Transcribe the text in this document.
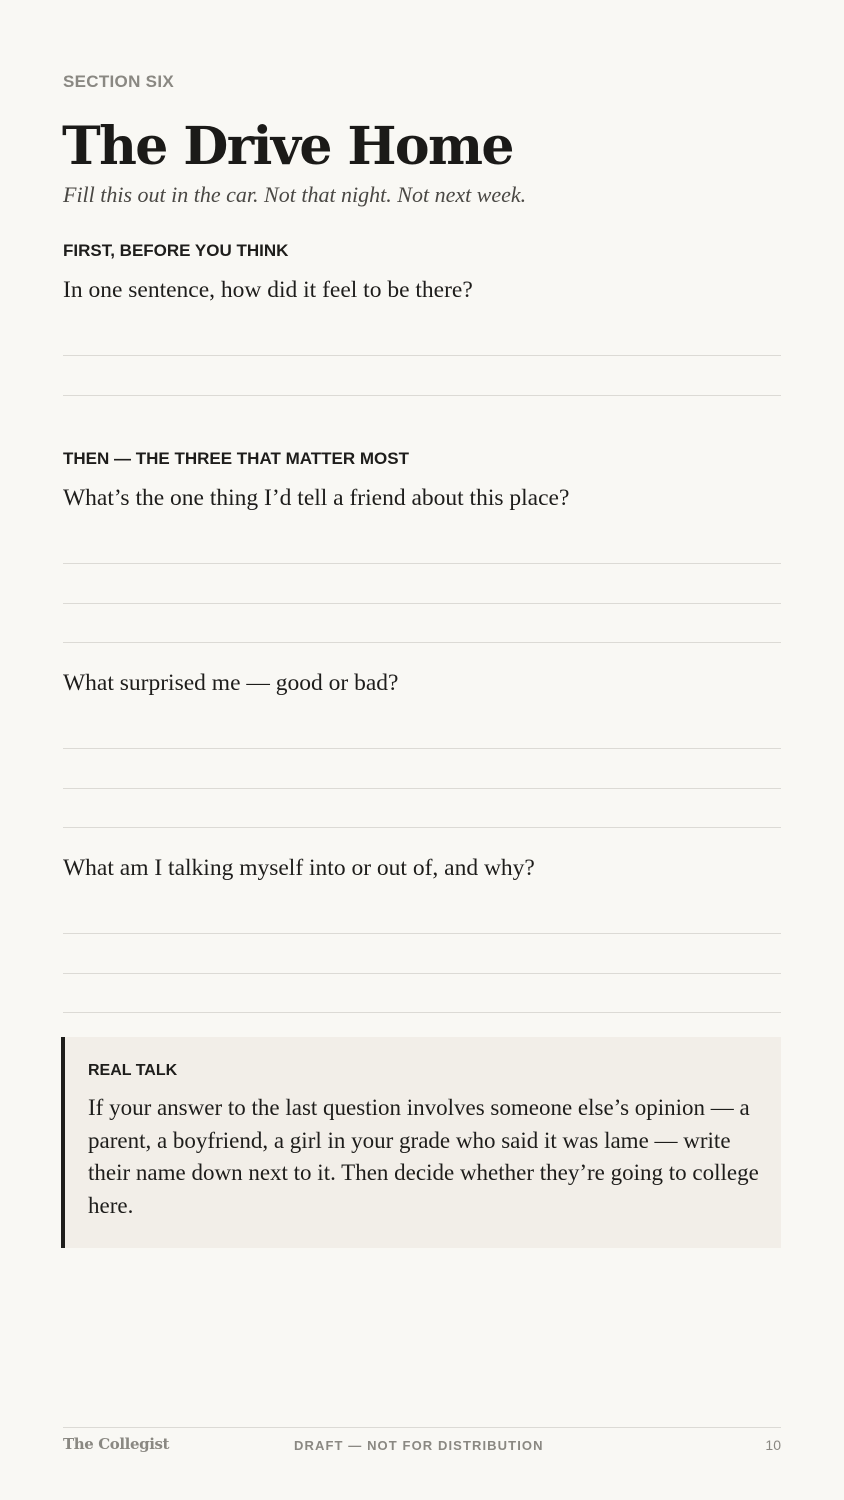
SECTION SIX
The Drive Home
Fill this out in the car. Not that night. Not next week.
FIRST, BEFORE YOU THINK
In one sentence, how did it feel to be there?
THEN — THE THREE THAT MATTER MOST
What’s the one thing I’d tell a friend about this place?
What surprised me — good or bad?
What am I talking myself into or out of, and why?
REAL TALK
If your answer to the last question involves someone else’s opinion — a parent, a boyfriend, a girl in your grade who said it was lame — write their name down next to it. Then decide whether they’re going to college here.
The Collegist	DRAFT — NOT FOR DISTRIBUTION	10
